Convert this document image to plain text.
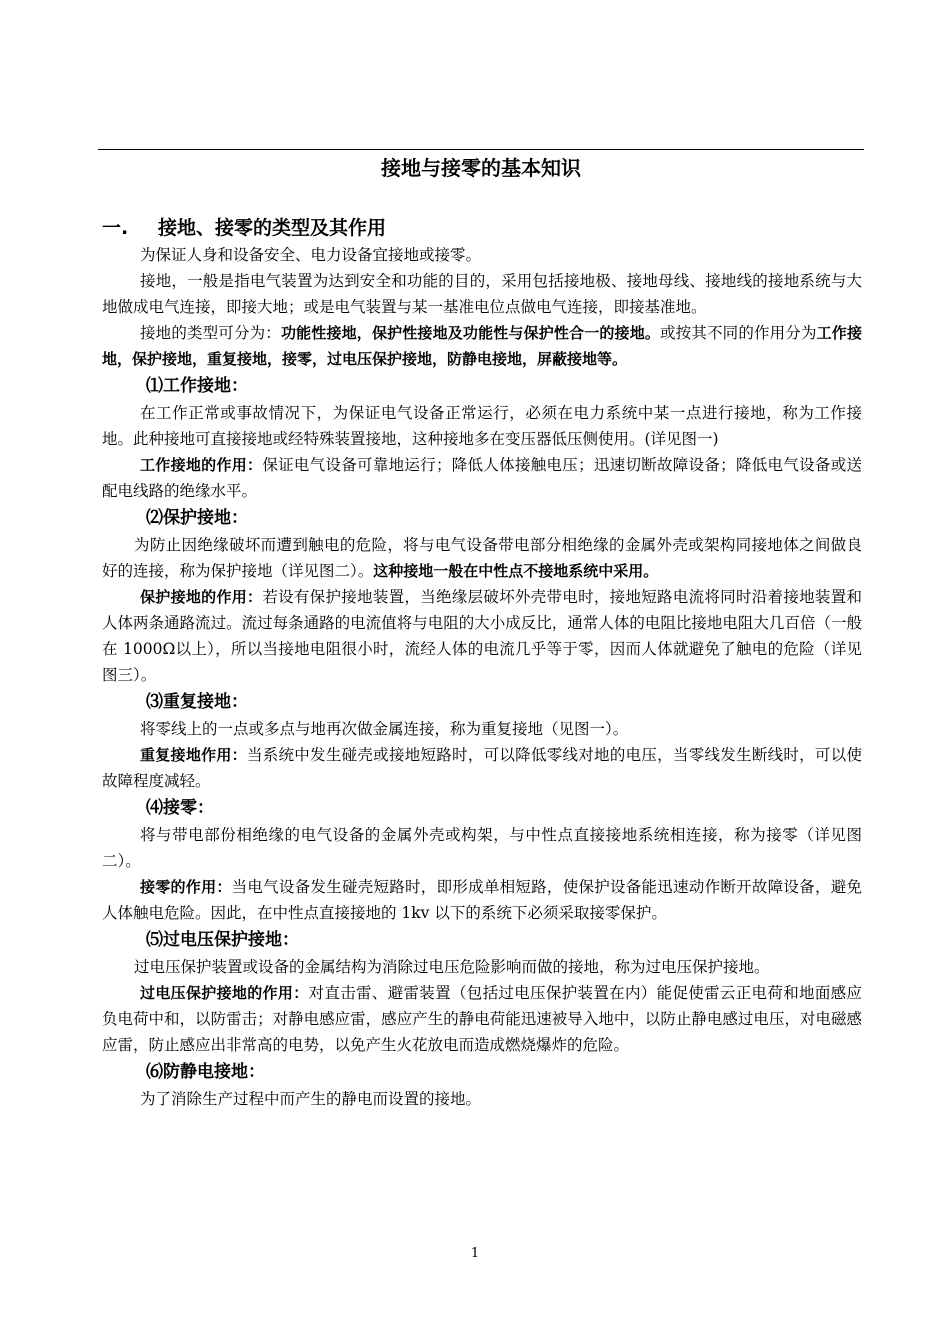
接地与接零的基本知识
一. 接地、接零的类型及其作用

为保证人身和设备安全、电力设备宜接地或接零。

接地，一般是指电气装置为达到安全和功能的目的，采用包括接地极、接地母线、接地线的接地系统与大地做成电气连接，即接大地；或是电气装置与某一基准电位点做电气连接，即接基准地。

接地的类型可分为：功能性接地，保护性接地及功能性与保护性合一的接地。或按其不同的作用分为工作接地，保护接地，重复接地，接零，过电压保护接地，防静电接地，屏蔽接地等。

⑴工作接地：

在工作正常或事故情况下，为保证电气设备正常运行，必须在电力系统中某一点进行接地，称为工作接地。此种接地可直接接地或经特殊装置接地，这种接地多在变压器低压侧使用。(详见图一)

工作接地的作用：保证电气设备可靠地运行；降低人体接触电压；迅速切断故障设备；降低电气设备或送配电线路的绝缘水平。

⑵保护接地：

为防止因绝缘破坏而遭到触电的危险，将与电气设备带电部分相绝缘的金属外壳或架构同接地体之间做良好的连接，称为保护接地（详见图二）。这种接地一般在中性点不接地系统中采用。

保护接地的作用：若设有保护接地装置，当绝缘层破坏外壳带电时，接地短路电流将同时沿着接地装置和人体两条通路流过。流过每条通路的电流值将与电阻的大小成反比，通常人体的电阻比接地电阻大几百倍（一般在 1000Ω以上），所以当接地电阻很小时，流经人体的电流几乎等于零，因而人体就避免了触电的危险（详见图三）。

⑶重复接地：

将零线上的一点或多点与地再次做金属连接，称为重复接地（见图一）。

重复接地作用：当系统中发生碰壳或接地短路时，可以降低零线对地的电压，当零线发生断线时，可以使故障程度减轻。

⑷接零：

将与带电部份相绝缘的电气设备的金属外壳或构架，与中性点直接接地系统相连接，称为接零（详见图二）。

接零的作用：当电气设备发生碰壳短路时，即形成单相短路，使保护设备能迅速动作断开故障设备，避免人体触电危险。因此，在中性点直接接地的 1kv 以下的系统下必须采取接零保护。

⑸过电压保护接地：

过电压保护装置或设备的金属结构为消除过电压危险影响而做的接地，称为过电压保护接地。

过电压保护接地的作用：对直击雷、避雷装置（包括过电压保护装置在内）能促使雷云正电荷和地面感应负电荷中和，以防雷击；对静电感应雷，感应产生的静电荷能迅速被导入地中，以防止静电感过电压，对电磁感应雷，防止感应出非常高的电势，以免产生火花放电而造成燃烧爆炸的危险。

⑹防静电接地：

为了消除生产过程中而产生的静电而设置的接地。

1
